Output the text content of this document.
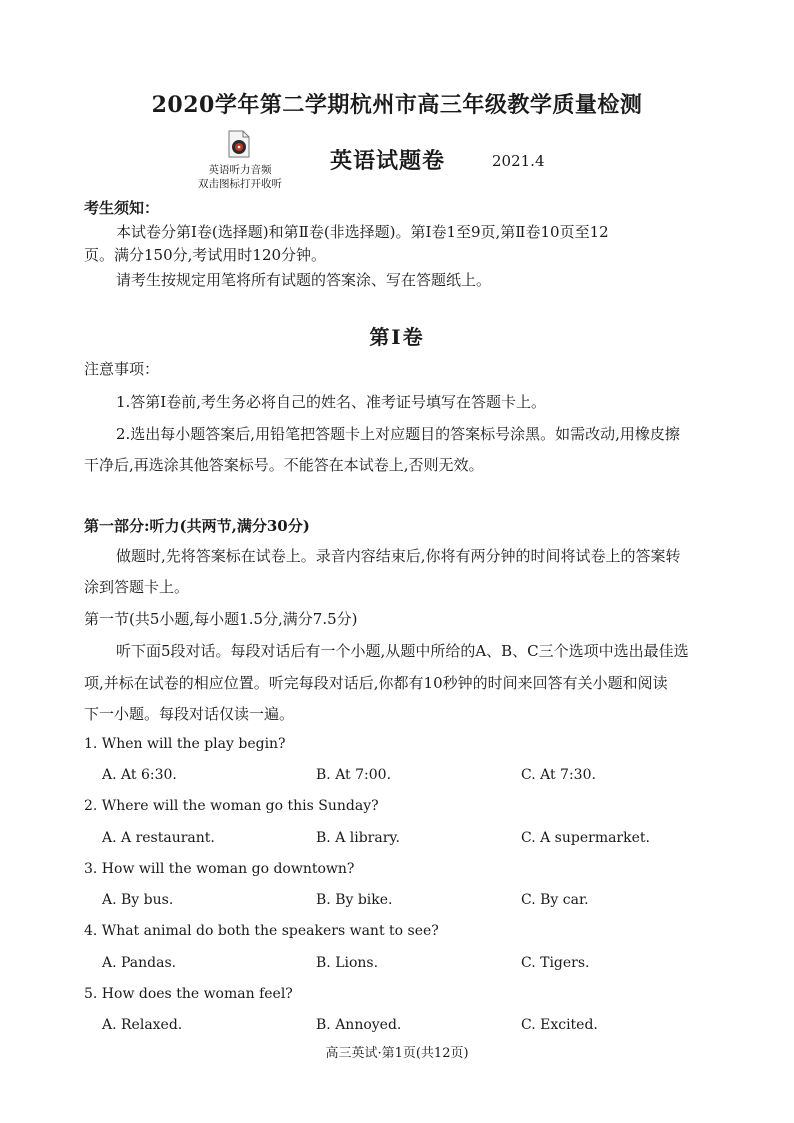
2020学年第二学期杭州市高三年级教学质量检测
英语听力音频
双击图标打开收听
英语试题卷	2021.4
考生须知：
本试卷分第Ⅰ卷(选择题)和第Ⅱ卷(非选择题)。第Ⅰ卷1至9页,第Ⅱ卷10页至12
页。满分150分,考试用时120分钟。
请考生按规定用笔将所有试题的答案涂、写在答题纸上。
第Ⅰ卷
注意事项：
1.答第Ⅰ卷前,考生务必将自己的姓名、准考证号填写在答题卡上。
2.选出每小题答案后,用铅笔把答题卡上对应题目的答案标号涂黑。如需改动,用橡皮擦
干净后,再选涂其他答案标号。不能答在本试卷上,否则无效。
第一部分:听力(共两节,满分30分)
做题时,先将答案标在试卷上。录音内容结束后,你将有两分钟的时间将试卷上的答案转
涂到答题卡上。
第一节(共5小题,每小题1.5分,满分7.5分)
听下面5段对话。每段对话后有一个小题,从题中所给的A、B、C三个选项中选出最佳选
项,并标在试卷的相应位置。听完每段对话后,你都有10秒钟的时间来回答有关小题和阅读
下一小题。每段对话仅读一遍。
1. When will the play begin?
A. At 6:30.	B. At 7:00.	C. At 7:30.
2. Where will the woman go this Sunday?
A. A restaurant.	B. A library.	C. A supermarket.
3. How will the woman go downtown?
A. By bus.	B. By bike.	C. By car.
4. What animal do both the speakers want to see?
A. Pandas.	B. Lions.	C. Tigers.
5. How does the woman feel?
A. Relaxed.	B. Annoyed.	C. Excited.
高三英试·第1页(共12页)
